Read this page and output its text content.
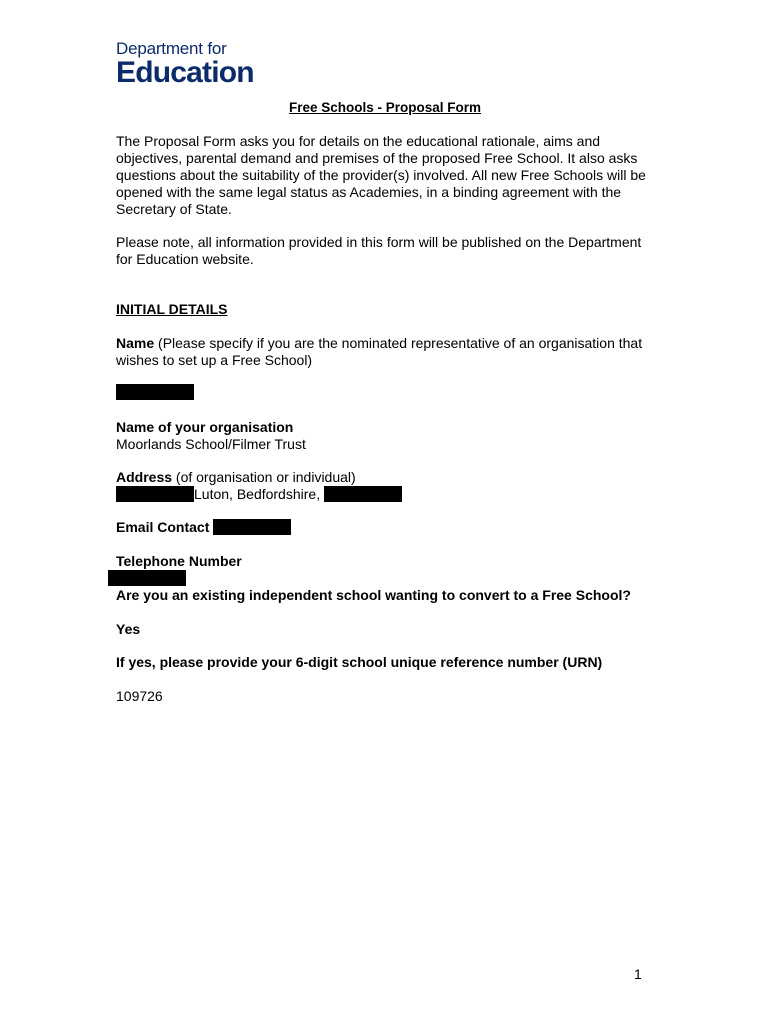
Department for
Education
Free Schools - Proposal Form
The Proposal Form asks you for details on the educational rationale, aims and objectives, parental demand and premises of the proposed Free School. It also asks questions about the suitability of the provider(s) involved. All new Free Schools will be opened with the same legal status as Academies, in a binding agreement with the Secretary of State.
Please note, all information provided in this form will be published on the Department for Education website.
INITIAL DETAILS
Name (Please specify if you are the nominated representative of an organisation that wishes to set up a Free School)
Name of your organisation
Moorlands School/Filmer Trust
Address (of organisation or individual)
Luton, Bedfordshire,
Email Contact
Telephone Number
Are you an existing independent school wanting to convert to a Free School?
Yes
If yes, please provide your 6-digit school unique reference number (URN)
109726
1
